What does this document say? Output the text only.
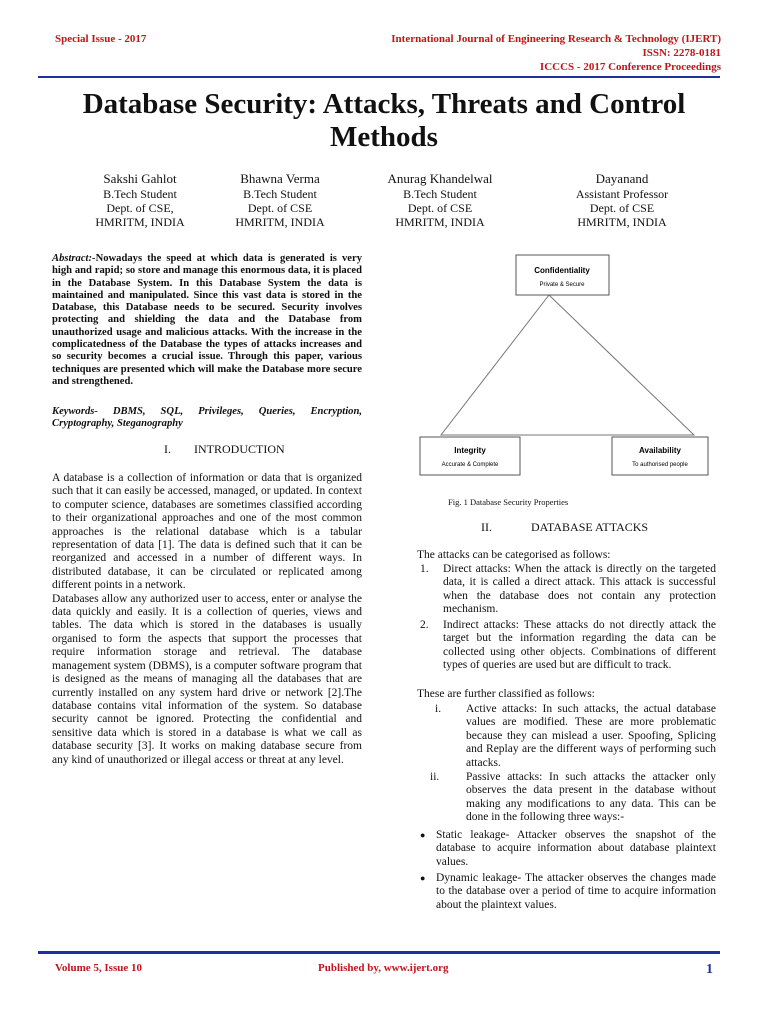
Special Issue - 2017	International Journal of Engineering Research & Technology (IJERT)
ISSN: 2278-0181
ICCCS - 2017 Conference Proceedings
Database Security: Attacks, Threats and Control
Methods
Sakshi Gahlot
B.Tech Student
Dept. of CSE,
HMRITM, INDIA
Bhawna Verma
B.Tech Student
Dept. of CSE
HMRITM, INDIA
Anurag Khandelwal
B.Tech Student
Dept. of CSE
HMRITM, INDIA
Dayanand
Assistant Professor
Dept. of CSE
HMRITM, INDIA
Abstract:-Nowadays the speed at which data is generated is very high and rapid; so store and manage this enormous data, it is placed in the Database System. In this Database System the data is maintained and manipulated. Since this vast data is stored in the Database, this Database needs to be secured. Security involves protecting and shielding the data and the Database from unauthorized usage and malicious attacks. With the increase in the complicatedness of the Database the types of attacks increases and so security becomes a crucial issue. Through this paper, various techniques are presented which will make the Database more secure and strengthened.
Keywords- DBMS, SQL, Privileges, Queries, Encryption, Cryptography, Steganography
I. INTRODUCTION

A database is a collection of information or data that is organized such that it can easily be accessed, managed, or updated. In context to computer science, databases are sometimes classified according to their organizational approaches and one of the most common approaches is the relational database which is a tabular representation of data [1]. The data is defined such that it can be reorganized and accessed in a number of different ways. In distributed database, it can be circulated or replicated among different points in a network.

Databases allow any authorized user to access, enter or analyse the data quickly and easily. It is a collection of queries, views and tables. The data which is stored in the databases is usually organised to form the aspects that support the processes that require information storage and retrieval. The database management system (DBMS), is a computer software program that is designed as the means of managing all the databases that are currently installed on any system hard drive or network [2].The database contains vital information of the system. So database security cannot be ignored. Protecting the confidential and sensitive data which is stored in a database is what we call as database security [3]. It works on making database secure from any kind of unauthorized or illegal access or threat at any level.

Confidentiality
Private & Secure
Integrity
Accurate & Complete
Availability
To authorised people
Fig. 1 Database Security Properties
II.	DATABASE ATTACKS
The attacks can be categorised as follows:
1. Direct attacks: When the attack is directly on the targeted data, it is called a direct attack. This attack is successful when the database does not contain any protection mechanism.
2. Indirect attacks: These attacks do not directly attack the target but the information regarding the data can be collected using other objects. Combinations of different types of queries are used but are difficult to track.
These are further classified as follows:
i. Active attacks: In such attacks, the actual database values are modified. These are more problematic because they can mislead a user. Spoofing, Splicing and Replay are the different ways of performing such attacks.
ii. Passive attacks: In such attacks the attacker only observes the data present in the database without making any modifications to any data. This can be done in the following three ways:-
● Static leakage- Attacker observes the snapshot of the database to acquire information about database plaintext values.
● Dynamic leakage- The attacker observes the changes made to the database over a period of time to acquire information about the plaintext values.
Volume 5, Issue 10	Published by, www.ijert.org	1
